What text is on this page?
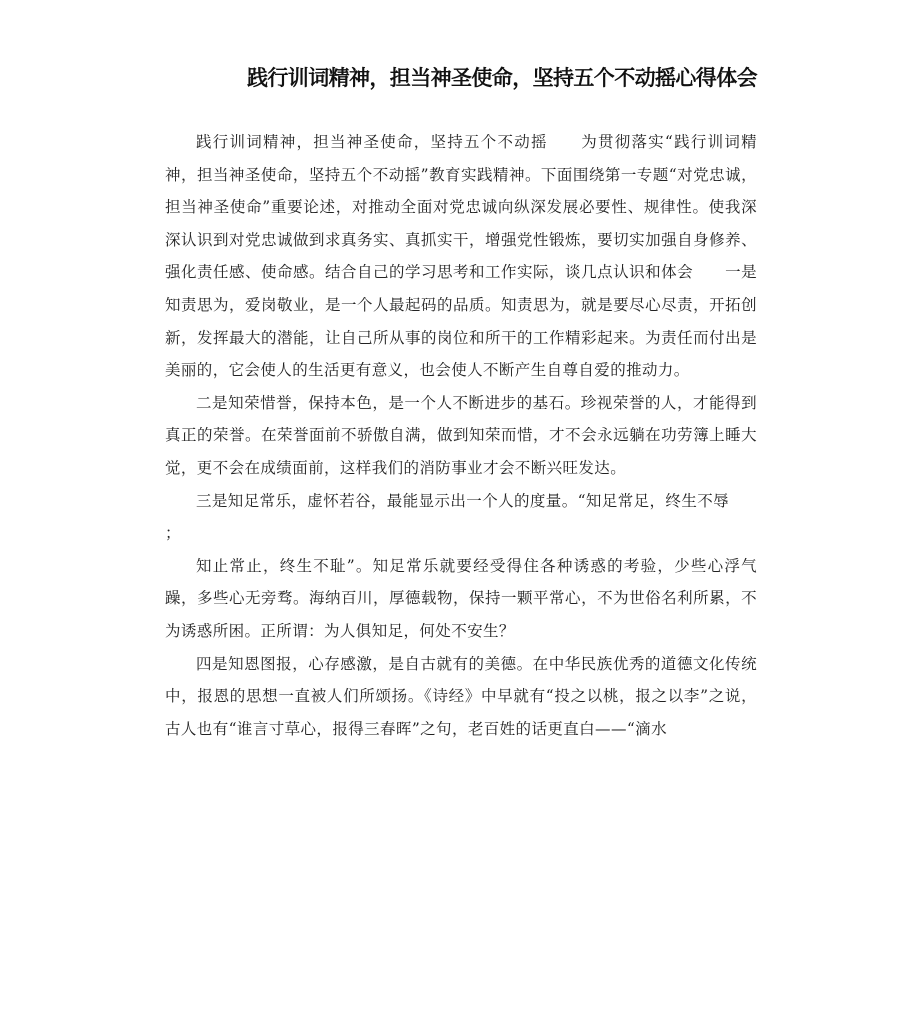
践行训词精神，担当神圣使命，坚持五个不动摇心得体会

践行训词精神，担当神圣使命，坚持五个不动摇　　为贯彻落实“践行训词精神，担当神圣使命，坚持五个不动摇”教育实践精神。下面围绕第一专题“对党忠诚，担当神圣使命”重要论述，对推动全面对党忠诚向纵深发展必要性、规律性。使我深深认识到对党忠诚做到求真务实、真抓实干，增强党性锻炼，要切实加强自身修养、强化责任感、使命感。结合自己的学习思考和工作实际，谈几点认识和体会　　一是知责思为，爱岗敬业，是一个人最起码的品质。知责思为，就是要尽心尽责，开拓创新，发挥最大的潜能，让自己所从事的岗位和所干的工作精彩起来。为责任而付出是美丽的，它会使人的生活更有意义，也会使人不断产生自尊自爱的推动力。

二是知荣惜誉，保持本色，是一个人不断进步的基石。珍视荣誉的人，才能得到真正的荣誉。在荣誉面前不骄傲自满，做到知荣而惜，才不会永远躺在功劳簿上睡大觉，更不会在成绩面前，这样我们的消防事业才会不断兴旺发达。

三是知足常乐，虚怀若谷，最能显示出一个人的度量。“知足常足，终生不辱

；

知止常止，终生不耻”。知足常乐就要经受得住各种诱惑的考验，少些心浮气躁，多些心无旁骛。海纳百川，厚德载物，保持一颗平常心，不为世俗名利所累，不为诱惑所困。正所谓：为人俱知足，何处不安生？

四是知恩图报，心存感激，是自古就有的美德。在中华民族优秀的道德文化传统中，报恩的思想一直被人们所颂扬。《诗经》中早就有“投之以桃，报之以李”之说，古人也有“谁言寸草心，报得三春晖”之句，老百姓的话更直白——“滴水
